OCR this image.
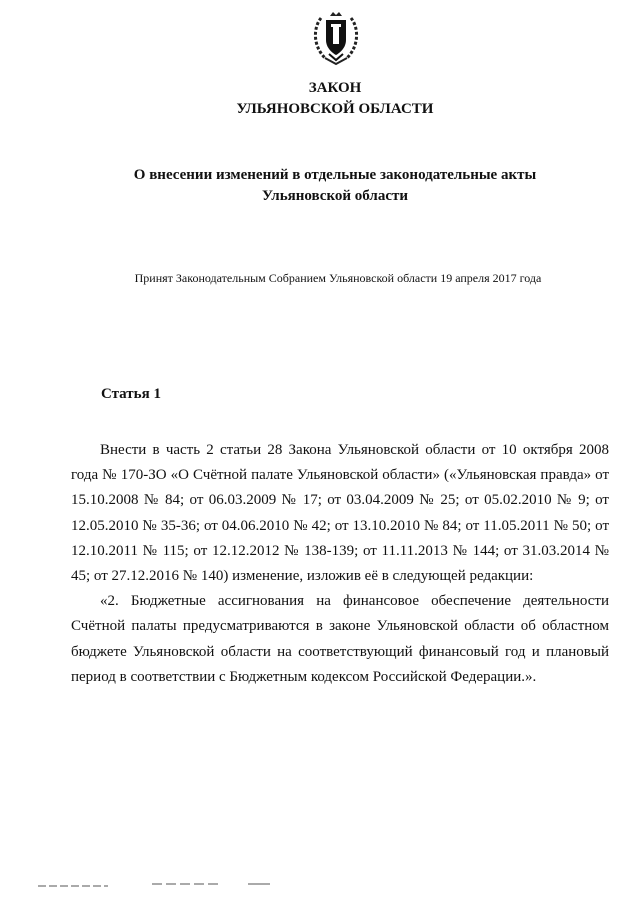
ЗАКОН
УЛЬЯНОВСКОЙ ОБЛАСТИ
О внесении изменений в отдельные законодательные акты
Ульяновской области
Принят Законодательным Собранием Ульяновской области 19 апреля 2017 года
Статья 1

Внести в часть 2 статьи 28 Закона Ульяновской области от 10 октября 2008 года № 170-ЗО «О Счётной палате Ульяновской области» («Ульяновская правда» от 15.10.2008 № 84; от 06.03.2009 № 17; от 03.04.2009 № 25; от 05.02.2010 № 9; от 12.05.2010 № 35-36; от 04.06.2010 № 42; от 13.10.2010 № 84; от 11.05.2011 № 50; от 12.10.2011 № 115; от 12.12.2012 № 138-139; от 11.11.2013 № 144; от 31.03.2014 № 45; от 27.12.2016 № 140) изменение, изложив её в следующей редакции:

«2. Бюджетные ассигнования на финансовое обеспечение деятельности Счётной палаты предусматриваются в законе Ульяновской области об областном бюджете Ульяновской области на соответствующий финансовый год и плановый период в соответствии с Бюджетным кодексом Российской Федерации.».
